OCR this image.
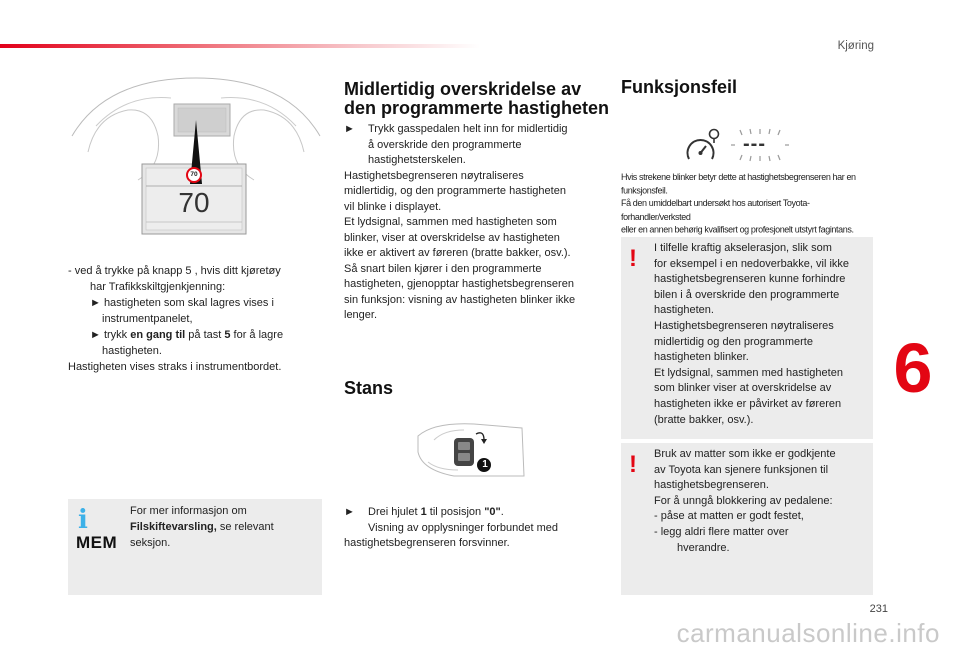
Kjøring
6
231
carmanualsonline.info
70
70
- ved å trykke på knapp 5 , hvis ditt kjøretøy
har Trafikkskiltgjenkjenning:
► hastigheten som skal lagres vises i
instrumentpanelet,
► trykk en gang til på tast 5 for å lagre
hastigheten.
Hastigheten vises straks i instrumentbordet.
i
MEM
For mer informasjon om
Filskiftevarsling, se relevant
seksjon.
Midlertidig overskridelse av
den programmerte hastigheten
► Trykk gasspedalen helt inn for midlertidig
å overskride den programmerte
hastighetsterskelen.
Hastighetsbegrenseren nøytraliseres
midlertidig, og den programmerte hastigheten
vil blinke i displayet.
Et lydsignal, sammen med hastigheten som
blinker, viser at overskridelse av hastigheten
ikke er aktivert av føreren (bratte bakker, osv.).
Så snart bilen kjører i den programmerte
hastigheten, gjenopptar hastighetsbegrenseren
sin funksjon: visning av hastigheten blinker ikke
lenger.
Stans
1
► Drei hjulet 1 til posisjon "0".
Visning av opplysninger forbundet med
hastighetsbegrenseren forsvinner.
Funksjonsfeil
---
Hvis strekene blinker betyr dette at hastighetsbegrenseren har en
funksjonsfeil.
Få den umiddelbart undersøkt hos autorisert Toyota-forhandler/verksted
eller en annen behørig kvalifisert og profesjonelt utstyrt fagintans.
! I tilfelle kraftig akselerasjon, slik som
for eksempel i en nedoverbakke, vil ikke
hastighetsbegrenseren kunne forhindre
bilen i å overskride den programmerte
hastigheten.
Hastighetsbegrenseren nøytraliseres
midlertidig og den programmerte
hastigheten blinker.
Et lydsignal, sammen med hastigheten
som blinker viser at overskridelse av
hastigheten ikke er påvirket av føreren
(bratte bakker, osv.).
! Bruk av matter som ikke er godkjente
av Toyota kan sjenere funksjonen til
hastighetsbegrenseren.
For å unngå blokkering av pedalene:
- påse at matten er godt festet,
- legg aldri flere matter over
hverandre.
